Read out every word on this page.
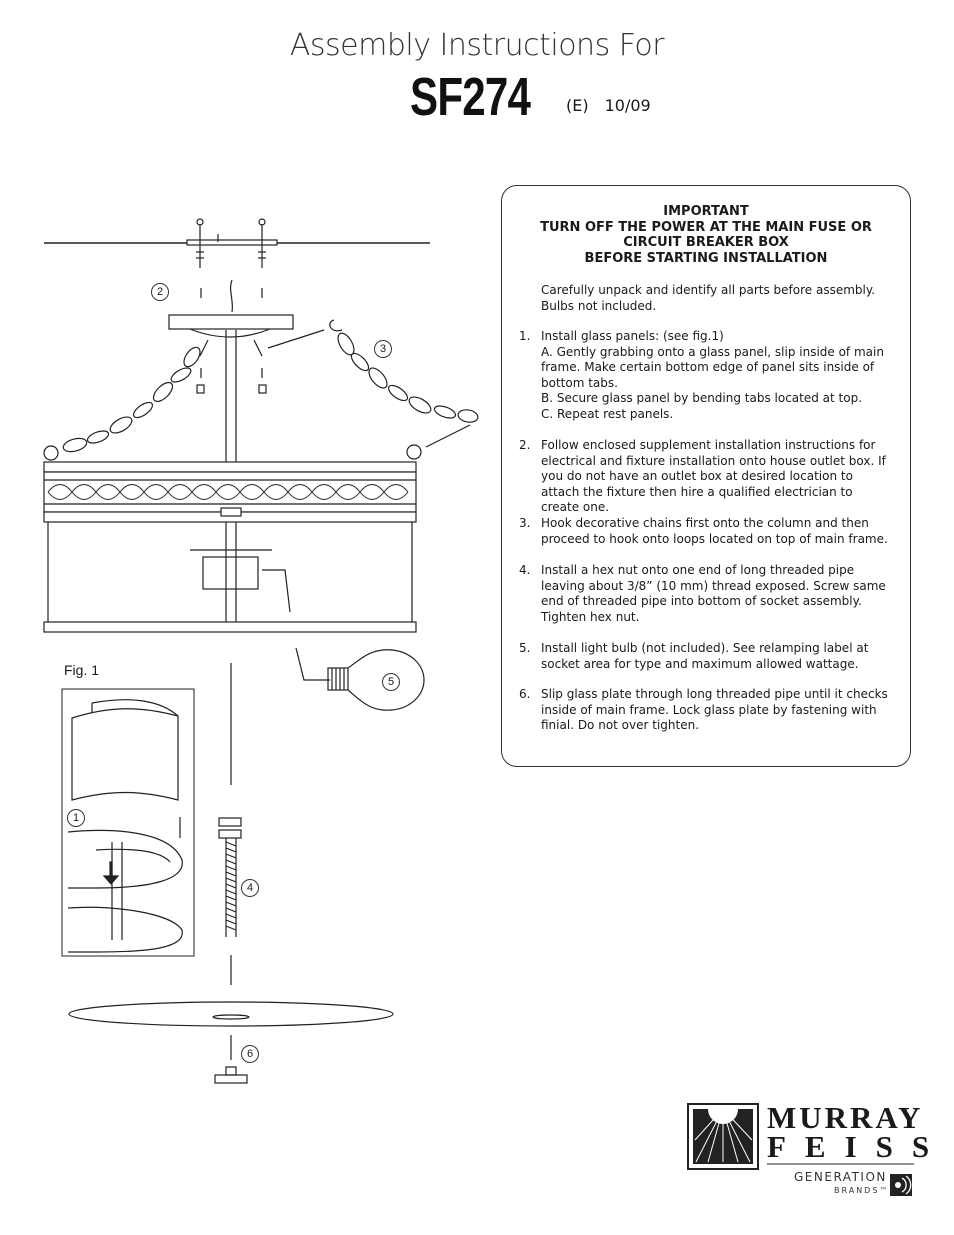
Assembly Instructions For
SF274 (E) 10/09
IMPORTANT
TURN OFF THE POWER AT THE MAIN FUSE OR
CIRCUIT BREAKER BOX
BEFORE STARTING INSTALLATION
Carefully unpack and identify all parts before assembly. Bulbs not included.
1. Install glass panels: (see fig.1)
A. Gently grabbing onto a glass panel, slip inside of main frame. Make certain bottom edge of panel sits inside of bottom tabs.
B. Secure glass panel by bending tabs located at top.
C. Repeat rest panels.
2. Follow enclosed supplement installation instructions for electrical and fixture installation onto house outlet box. If you do not have an outlet box at desired location to attach the fixture then hire a qualified electrician to create one.
3. Hook decorative chains first onto the column and then proceed to hook onto loops located on top of main frame.
4. Install a hex nut onto one end of long threaded pipe leaving about 3/8” (10 mm) thread exposed. Screw same end of threaded pipe into bottom of socket assembly. Tighten hex nut.
5. Install light bulb (not included). See relamping label at socket area for type and maximum allowed wattage.
6. Slip glass plate through long threaded pipe until it checks inside of main frame. Lock glass plate by fastening with finial. Do not over tighten.
Fig. 1
2
3
5
1
4
6
MURRAY
FEISS
GENERATION
BRANDS™
